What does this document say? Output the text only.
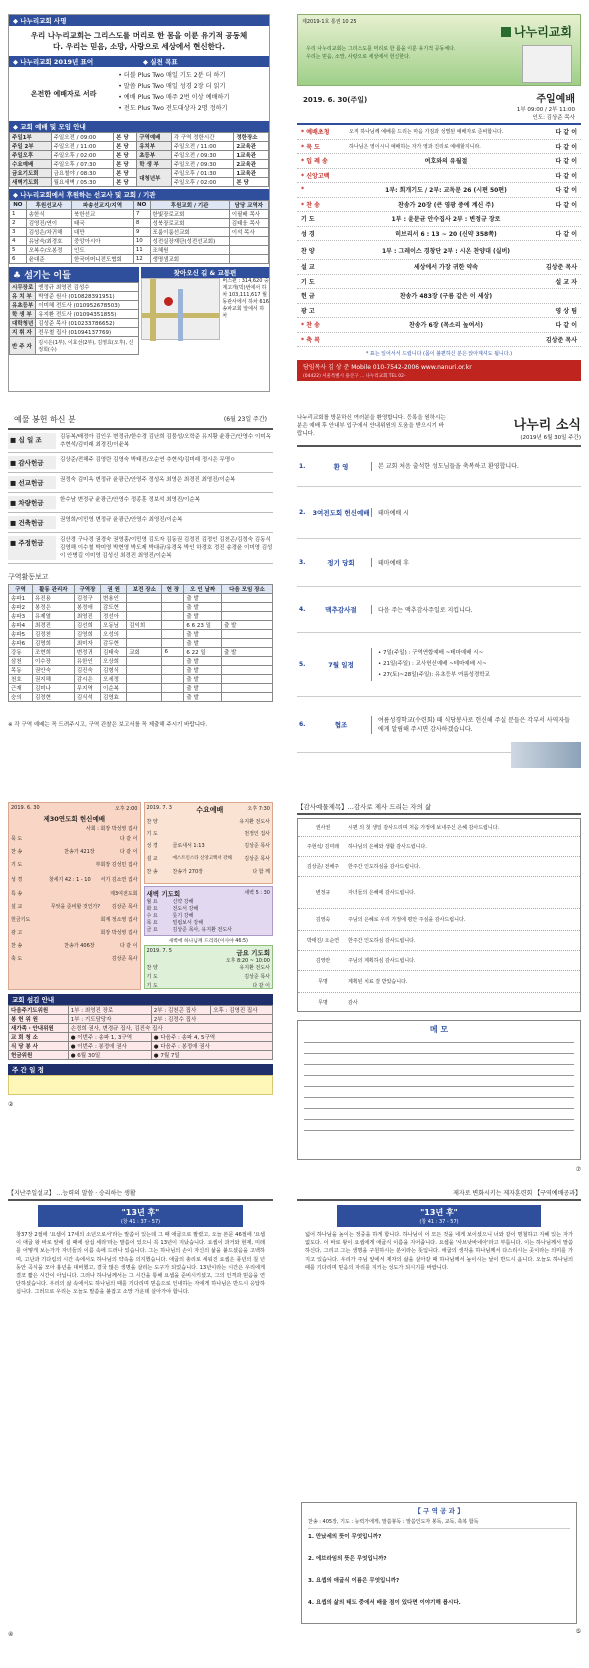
◆ 나누리교회 사명
우리 나누리교회는 그리스도를 머리로 한 몸을 이룬 유기적 공동체다. 우리는 믿음, 소망, 사랑으로 세상에서 현신한다.
◆ 나누리교회 2019년 표어	◆ 실천 목표
온전한 예배자로 서라
• 더블 Plus Two 매일 기도 2분 더 하기
• 말씀 Plus Two 매일 성경 2장 더 읽기
• 예배 Plus Two 매주 2번 이상 예배하기
• 전도 Plus Two 전도대상자 2명 정하기
◆ 교회 예배 및 모임 안내
주일1부	주일오전 / 09:00	본 당	구역예배	각 구역 정한시간	정한장소
주일 2부	주일오전 / 11:00	본 당	유치부	주일오전 / 11:00	2교육관
주일오후	주일오후 / 02:00	본 당	초등부	주일오전 / 09:30	1교육관
수요예배	주일오후 / 07:30	본 당	학 생 부	주일오전 / 09:30	2교육관
금요기도회	금요철야 / 08:30	본 당	대청년부	주일오후 / 01:30	1교육관
새벽기도회	월요새벽 / 05:30	본 당		주일오후 / 02:00	본 당
◆ 나누리교회에서 후원하는 선교사 및 교회 / 기관
NO	후원선교사	파송선교지/지역	NO	후원교회 / 기관	담당 교역자
1	송한식	북한선교	7	한빛장로교회	이필배 목사
2	김영진/연이	태국	8	성북장로교회	김태웅 목사
3	김성은/차귀해	대만	9	포룸이룸선교회	이석 목사
4	유남숙/최경호	중앙아시아	10	성전실장재단(성전선교회)	
5	오복수/오봉정	인도	11	조혜원	
6	윤대준	한국어머니전도협회	12	생명샘교회	
♣ 섬기는 이들
시무장로	엔정규 최영진 김성수
유 치 부	박영준 원사 (010828391951)
유초등부	이미혜 전도사 (010952678503)
학 생 부	유지환 전도사 (01094351855)
대학청년	김성준 목사 (010233786652)
지 휘 자	전우철 집사 (01094137769)
반 주 자	김시은(1부), 이효선(2부), 김영효(오후), 신정희(수)
찾아오신 길 & 교통편
버스편 : 314,620 중계고개(빅)번에서 하차 103,111,617 월동관사에서 하차 616 송파교회 앞에서 하차
제2019-1호 통권 10 25
나누리교회
우리 나누리교회는 그리스도를 머리로 한 몸을 이룬 유기적 공동체다.
우리는 믿음, 소망, 사랑으로 세상에서 헌신한다.
2019. 6. 30(주일)	주일예배
1부 09:00 / 2부 11:00
인도: 김상준 목사
* 예배초청	오직 하나님께 예배를 드리는 마음 가짐과 성별된 예배자로 준비합니다.	다 같 이
* 묵 도	하나님은 영이시니 예배하는 자가 영과 진리로 예배할지니라.	다 같 이
* 입 례 송	여호와의 유월절	다 같 이
* 신앙고백	다 같 이
*	1부: 회개기도 / 2부: 교독문 26 (시편 50편)	다 같 이
* 찬 송	찬송가 20장 (큰 영광 중에 계신 주)	다 같 이
기 도	1부 : 윤문균 안수집사 2부 : 변정규 장로
성 경	히브리서 6 : 13 ~ 20 (신약 358쪽)	다 같 이
찬 양	1부 : 그레이스 경창단 2부 : 시온 찬양대 (실버)
설 교	세상에서 가장 귀한 약속	김상준 목사
기 도	설 교 자
헌 금	찬송가 483장 (구름 같은 이 세상)
광 고	영 상 팀
* 찬 송	찬송가 6장 (목소리 높여서)	다 같 이
* 축 복	김상준 목사
* 표는 일어서서 드립니다 (몸이 불편하신 분은 앉아계셔도 됩니다.)
담임목사 김 상 준 Mobile 010-7542-2006 www.nanuri.or.kr
(04422) 서울특별시 용산구 ... 나누리교회 TEL 02-
예물 봉헌 하신 분	(6월 23일 주간)
■ 십 일 조	김동복/배정아 김인우 변정규/한수경 김난희 김뭄성/오학준 유지황 윤광근/안영수 이미옥 추현석/김미래 최경진/이윤복
■ 감사헌금	김상준/전해주 김영란 김영숙 박태진/오순연 추현석/김미래 정시은 무명ㅇ
■ 선교헌금	권정숙 김미옥 변정규 윤광근/안영주 정성옥 최영은 최경진 최영진/이순복
■ 차량헌금	한수남 변정규 윤광근/안영수 정종훈 정보석 최영진/이순복
■ 건축헌금	권영희/이민영 변정규 윤광근/안영수 최영진/이순복
■ 주정헌금	김산경 구나경 권경숙 권영홍/이민영 김도자 김동권 김정진 김정인 김천곤/김정숙 김동식 김영해 이수철 박미영 박현영 박도제 박대규/유경옥 박인 하경호 정진 송경윤 이미영 김성이 안병길 이미영 김성신 최경진 최영진/이순복
구역활동보고
구역	활동 관리자	구역장	권 원	보전 장소	헌 장	오 인 날짜	다음 모임 장소
송파1	유진용	김정구	변용인			출 발	
송파2	봉정은	봉정애	감도현			출 발	
송파3	유제열	최영진	정선아			출 발	
송파4	최경진	김선희	오동님	김익희		6 6 23 일	출 발
송파5	김정천	김영희	오성의			출 발	
송파6	김명희	최미자	감두현			출 발	
강동	조현희	변정귀	김태숙	교회	6	6 22 일	출 발
삼천	이수장	유한인	오상희			출 발	
목동	권안숙	김진숙	김형식			출 발	
천호	권지해	감시은	오세정			출 발	
근재	김미나	무지역	이순복			출 발	
숭의	김정현	김식석	김영효			출 발	
※ 각 구역 예배는 꼭 드려주시고, 구역 관찰은 보고서를 꼭 제출해 주시기 바랍니다.
나누리교회를 방문하신 여러분을 환영합니다. 등록을 원하시는 분은 예배 후 안내부 입구에서 안내위원의 도움을 받으시기 바랍니다.
나누리 소식
(2019년 6월 30일 주간)
1.	환 영	본 교회 처음 출석한 성도님들을 축복하고 환영합니다.
2.	3여전도회 헌신예배	테마예배 시
3.	정기 당회	테마예배 후
4.	맥추감사절	다음 주는 맥추감사주일로 지킵니다.
5.	7월 일정
• 7일(주일) : 구역연합예배 ~테마예배 시~
• 21일(주일) : 교사헌신예배 ~테마예배 시~
• 27(토)~28일(주일): 유초등부 여름성경학교
6.	협조
여름성경학교(수련회) 때 식당봉사로 헌신해 주실 분들은 각부서 사역자들에게 알림해 주시면 감사하겠습니다.
2019. 6. 30	오후 2:00
제30연도회 헌신예배
사회 : 회장 박성영 집사
묵 도	다 같 이
찬 송	찬송가 421장	다 같 이
기 도	부회장 김성민 집사
성 경	창세기 42 : 1 - 10	서기 김소연 집사
특 송	제3여전도회
설 교	무엇을 준비할 것인가?	김상준 목사
헌금기도	회계 정소영 집사
광 고	회장 박성영 집사
찬 송	찬송가 406장	다 같 이
축 도	김상준 목사
2019. 7. 3	수요예배	오후 7:30
찬 양	유지환 전도사
기 도	천정인 집사
성 경	골로새서 1:13	김상준 목사
설 교	예스트인스타 신앙고백서 강해	김상준 목사
찬 송	찬송가 270장	다 함 께
새벽 기도회	새벽 5 : 30
월 요	신약 강해
화 요	전도서 강해
수 요	룻기 강해
목 요	빌립보서 강해
금 요	김상준 목사, 유지환 전도사
새벽에 하나님께 드리라(이사야 46:5)
2019. 7. 5	금요 기도회
오후 8:20 ~ 10:00
찬 양	유지환 전도사
기 도	김상준 목사
기 도	다 같 이
교회 섬김 안내
다음주기도위원	1부 : 최영진 장로	2부 : 김천곤 집사	오후 : 김영진 집사
봉 헌 위 원	1부 : 기도담당자	2부 : 김정수 집사	
새가족・안내위원	손경희 권사, 변경규 집사, 김진숙 집사		
교 회 청 소	● 이번주 : 송파 1, 3구역	● 다음주 : 송파 4, 5구역	
식 당 봉 사	● 이번주 : 봉정애 권사	● 다음주 : 봉정애 권사	
헌금위원	● 6월 30일	● 7월 7일	
주 간 일 정
②
【감사예물제목】...감사로 제사 드리는 자의 삶
권사권	시편 의 첫 생일 감사드리며 처음 가정에 보내주신 은혜 감사드립니다.
주현석/ 김미래	하나님의 은혜와 생활 감사드립니다.
김상준/ 전해주	한주간 인도하심을 감사드립니다.
변정규	자녀들의 은혜에 감사드립니다.
김영숙	주님의 은혜로 우리 가정에 평안 주심을 감사드립니다.
박태진/ 오순연	한주간 인도하심 감사드립니다.
김영란	주님의 계획하심 감사드립니다.
무명	계획된 치료 잘 받았습니다.
무명	감사
메 모
⑦
【지난주일설교】 ...능력의 말씀 · 승리하는 생활
"13년 후"
(창 41 : 37 - 57)
창37장 2절에 '요셉이 17세의 소년으로서'라는 말씀이 있는데 그 때 애굽으로 팔렸고, 오늘 본문 46절에 '요셉이 애굽 왕 바로 앞에 설 때에 삼십 세라'라는 말씀이 있으니 꼭 13년이 지났습니다. 요셉이 과거와 현재, 미래를 어떻게 보는가가 자녀들의 이름 속에 드러나 있습니다. 그는 하나님의 손이 자신의 삶을 붙드셨음을 고백하며, 고난과 기다림의 시간 속에서도 하나님의 약속을 의지했습니다. 애굽의 총리로 세워진 요셉은 풍년의 칠 년 동안 곡식을 모아 흉년을 대비했고, 결국 많은 생명을 살리는 도구가 되었습니다. 13년이라는 시간은 우리에게 결코 짧은 시간이 아닙니다. 그러나 하나님께서는 그 시간을 통해 요셉을 준비시키셨고, 그의 인격과 믿음을 연단하셨습니다. 우리의 삶 속에서도 하나님의 때를 기다리며 믿음으로 인내하는 자에게 하나님은 반드시 응답하십니다. 그러므로 우리는 오늘도 말씀을 붙잡고 소망 가운데 살아가야 합니다.
④
제자로 변화시키는 제자훈련회 【구역예배공과】
"13년 후"
(창 41 : 37 - 57)
넓어 하나님을 높이는 정중을 하게 합니다. 하나님이 이 모든 것을 네게 보이셨으니 너와 같이 명철하고 지혜 있는 자가 없도다. 이 바로 왕이 요셉에게 애굽식 이름을 지어줍니다. 요셉을 '사브낫바네아'라고 부릅니다. 이는 하나님께서 말씀하신다, 그리고 그는 생명을 구원하시는 분이라는 뜻입니다. 애굽의 생각을 하나님께서 다스리시는 곳이라는 의미를 가지고 있습니다. 우리가 주님 앞에서 제자의 삶을 살아갈 때 하나님께서 높이시는 날이 반드시 옵니다. 오늘도 하나님의 때를 기다리며 믿음의 자리를 지키는 성도가 되시기를 바랍니다.
【 구 역 공 과 】
찬송 : 405장, 기도 : 능력가에게, 말씀봉독 : 말씀인도자 봉독, 교독, 축복 합독
1. 만났세의 뜻이 무엇입니까?
2. 에브라임의 뜻은 무엇입니까?
3. 요셉의 애굽식 이름은 무엇입니까?
4. 요셉의 삶의 태도 중에서 배울 점이 있다면 이야기해 봅시다.
⑤
